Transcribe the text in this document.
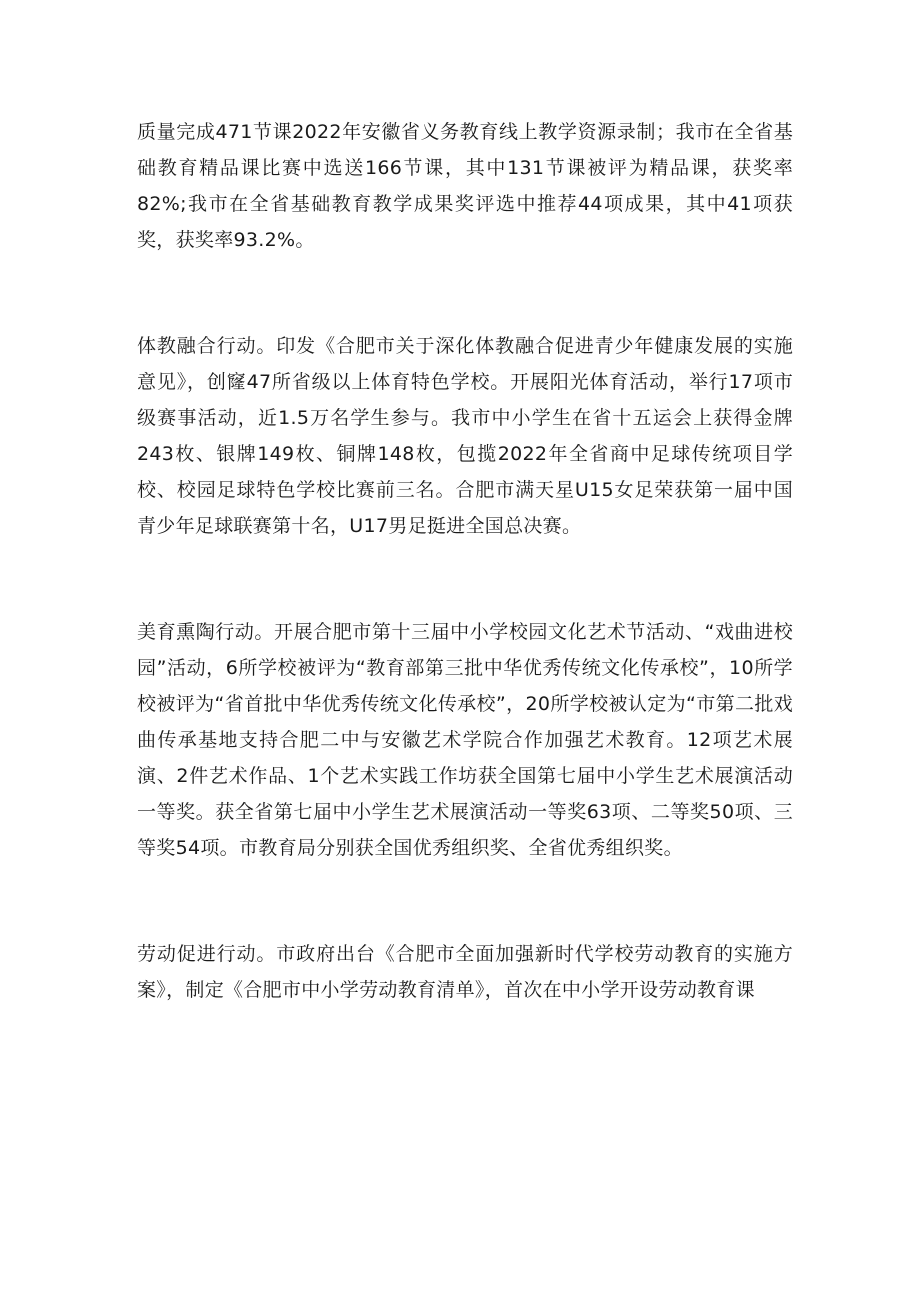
质量完成471节课2022年安徽省义务教育线上教学资源录制；我市在全省基础教育精品课比赛中选送166节课，其中131节课被评为精品课，获奖率82%;我市在全省基础教育教学成果奖评选中推荐44项成果，其中41项获奖，获奖率93.2%。

体教融合行动。印发《合肥市关于深化体教融合促进青少年健康发展的实施意见》，创窿47所省级以上体育特色学校。开展阳光体育活动，举行17项市级赛事活动，近1.5万名学生参与。我市中小学生在省十五运会上获得金牌243枚、银牌149枚、铜牌148枚，包揽2022年全省商中足球传统项目学校、校园足球特色学校比赛前三名。合肥市满天星U15女足荣获第一届中国青少年足球联赛第十名，U17男足挺进全国总决赛。

美育熏陶行动。开展合肥市第十三届中小学校园文化艺术节活动、“戏曲进校园”活动，6所学校被评为“教育部第三批中华优秀传统文化传承校”，10所学校被评为“省首批中华优秀传统文化传承校”，20所学校被认定为“市第二批戏曲传承基地支持合肥二中与安徽艺术学院合作加强艺术教育。12项艺术展演、2件艺术作品、1个艺术实践工作坊获全国第七届中小学生艺术展演活动一等奖。获全省第七届中小学生艺术展演活动一等奖63项、二等奖50项、三等奖54项。市教育局分别获全国优秀组织奖、全省优秀组织奖。

劳动促进行动。市政府出台《合肥市全面加强新时代学校劳动教育的实施方案》，制定《合肥市中小学劳动教育清单》，首次在中小学开设劳动教育课
